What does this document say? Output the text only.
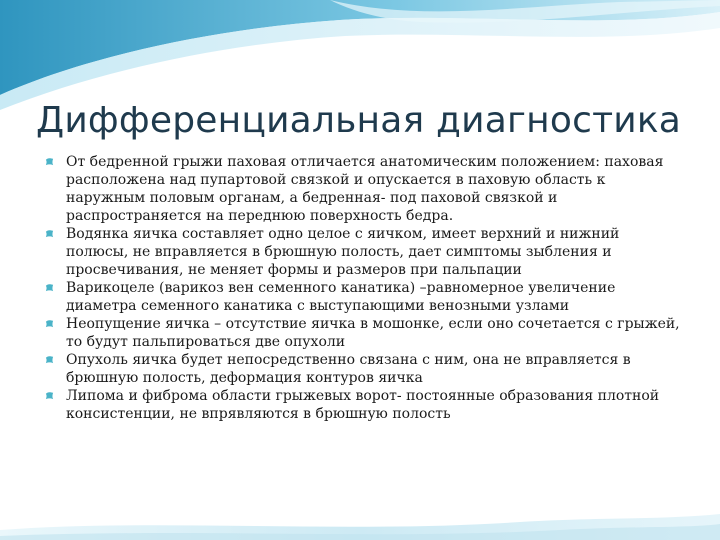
Дифференциальная диагностика
От бедренной грыжи паховая отличается анатомическим положением: паховая расположена над пупартовой связкой и опускается в паховую область к наружным половым органам, а бедренная- под паховой связкой и распространяется на переднюю поверхность бедра.
Водянка яичка составляет одно целое с яичком, имеет верхний и нижний полюсы, не вправляется в брюшную полость, дает симптомы зыбления и просвечивания, не меняет формы и размеров при пальпации
Варикоцеле (варикоз вен семенного канатика) –равномерное увеличение диаметра семенного канатика с выступающими венозными узлами
Неопущение яичка – отсутствие яичка в мошонке, если оно сочетается с грыжей, то будут пальпироваться две опухоли
Опухоль яичка будет непосредственно связана с ним, она не вправляется в брюшную полость, деформация контуров яичка
Липома и фиброма области грыжевых ворот- постоянные образования плотной консистенции, не впрявляются в брюшную полость
